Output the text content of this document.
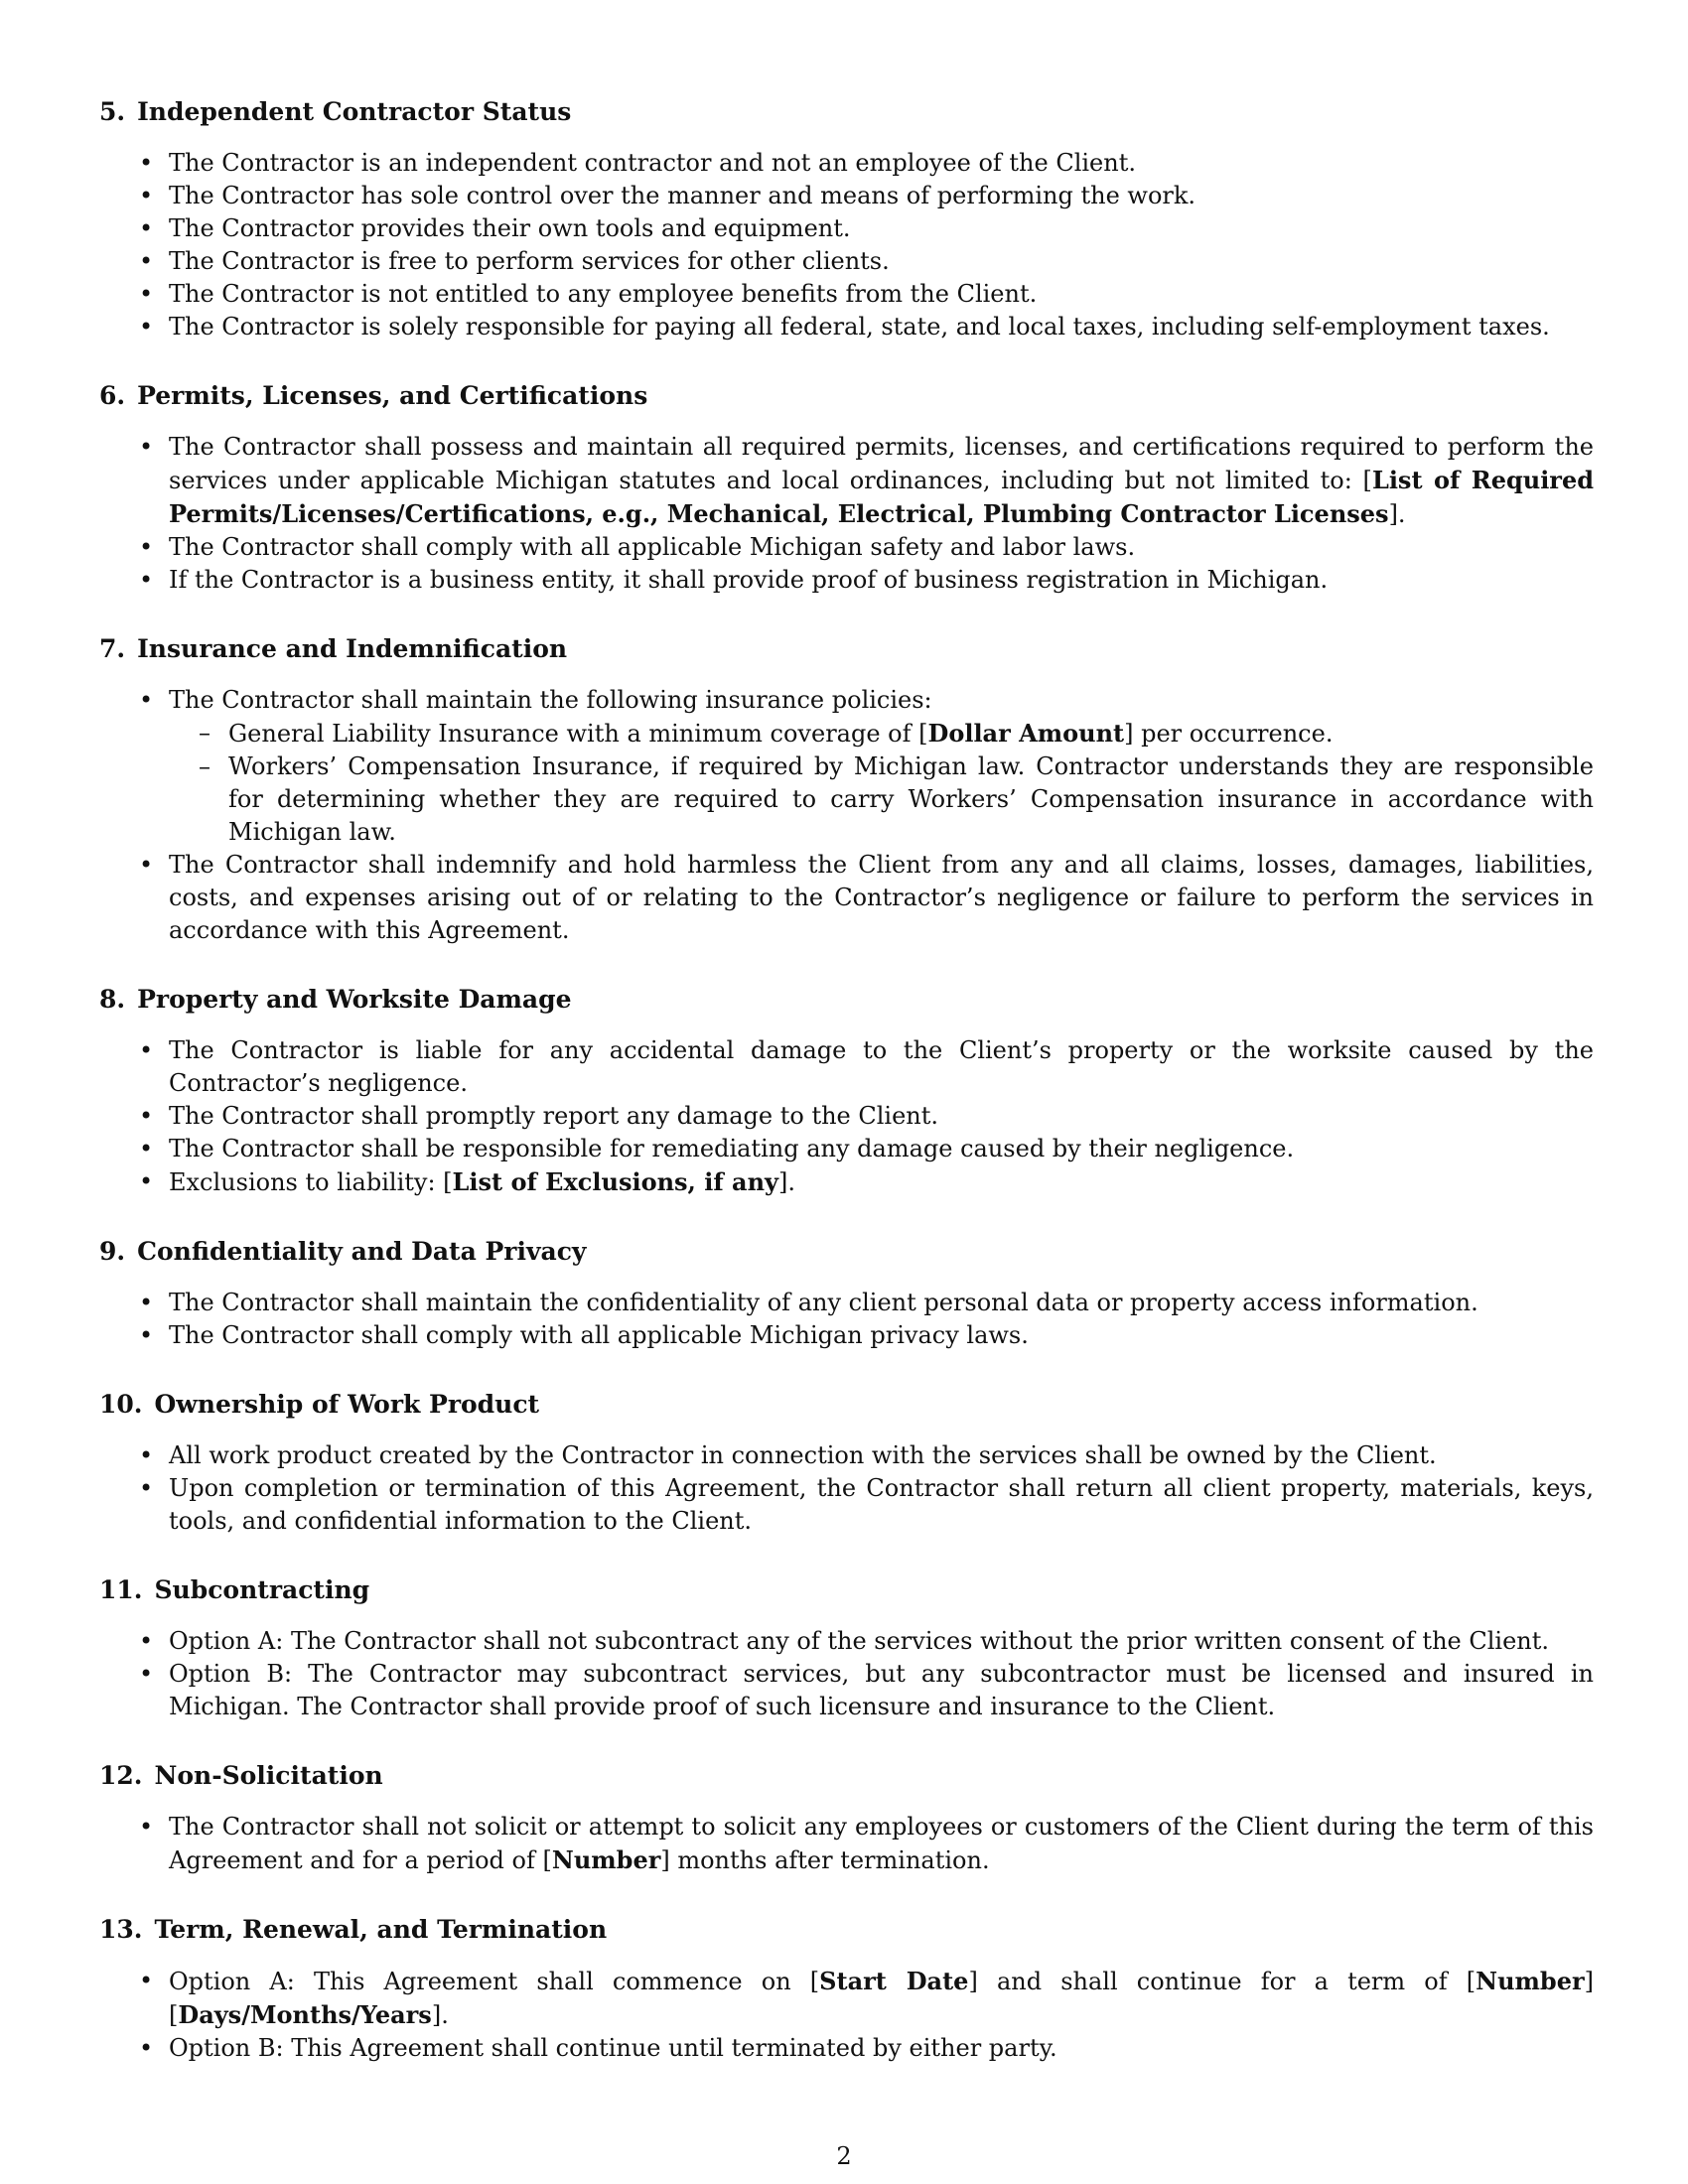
5. Independent Contractor Status
• The Contractor is an independent contractor and not an employee of the Client.
• The Contractor has sole control over the manner and means of performing the work.
• The Contractor provides their own tools and equipment.
• The Contractor is free to perform services for other clients.
• The Contractor is not entitled to any employee benefits from the Client.
• The Contractor is solely responsible for paying all federal, state, and local taxes, including self-employment taxes.
6. Permits, Licenses, and Certifications
• The Contractor shall possess and maintain all required permits, licenses, and certifications required to perform the services under applicable Michigan statutes and local ordinances, including but not limited to: [List of Required Permits/Licenses/Certifications, e.g., Mechanical, Electrical, Plumbing Contractor Licenses].
• The Contractor shall comply with all applicable Michigan safety and labor laws.
• If the Contractor is a business entity, it shall provide proof of business registration in Michigan.
7. Insurance and Indemnification
• The Contractor shall maintain the following insurance policies:
– General Liability Insurance with a minimum coverage of [Dollar Amount] per occurrence.
– Workers’ Compensation Insurance, if required by Michigan law. Contractor understands they are responsible for determining whether they are required to carry Workers’ Compensation insurance in accordance with Michigan law.
• The Contractor shall indemnify and hold harmless the Client from any and all claims, losses, damages, liabilities, costs, and expenses arising out of or relating to the Contractor’s negligence or failure to perform the services in accordance with this Agreement.
8. Property and Worksite Damage
• The Contractor is liable for any accidental damage to the Client’s property or the worksite caused by the Contractor’s negligence.
• The Contractor shall promptly report any damage to the Client.
• The Contractor shall be responsible for remediating any damage caused by their negligence.
• Exclusions to liability: [List of Exclusions, if any].
9. Confidentiality and Data Privacy
• The Contractor shall maintain the confidentiality of any client personal data or property access information.
• The Contractor shall comply with all applicable Michigan privacy laws.
10. Ownership of Work Product
• All work product created by the Contractor in connection with the services shall be owned by the Client.
• Upon completion or termination of this Agreement, the Contractor shall return all client property, materials, keys, tools, and confidential information to the Client.
11. Subcontracting
• Option A: The Contractor shall not subcontract any of the services without the prior written consent of the Client.
• Option B: The Contractor may subcontract services, but any subcontractor must be licensed and insured in Michigan. The Contractor shall provide proof of such licensure and insurance to the Client.
12. Non-Solicitation
• The Contractor shall not solicit or attempt to solicit any employees or customers of the Client during the term of this Agreement and for a period of [Number] months after termination.
13. Term, Renewal, and Termination
• Option A: This Agreement shall commence on [Start Date] and shall continue for a term of [Number] [Days/Months/Years].
• Option B: This Agreement shall continue until terminated by either party.
2
